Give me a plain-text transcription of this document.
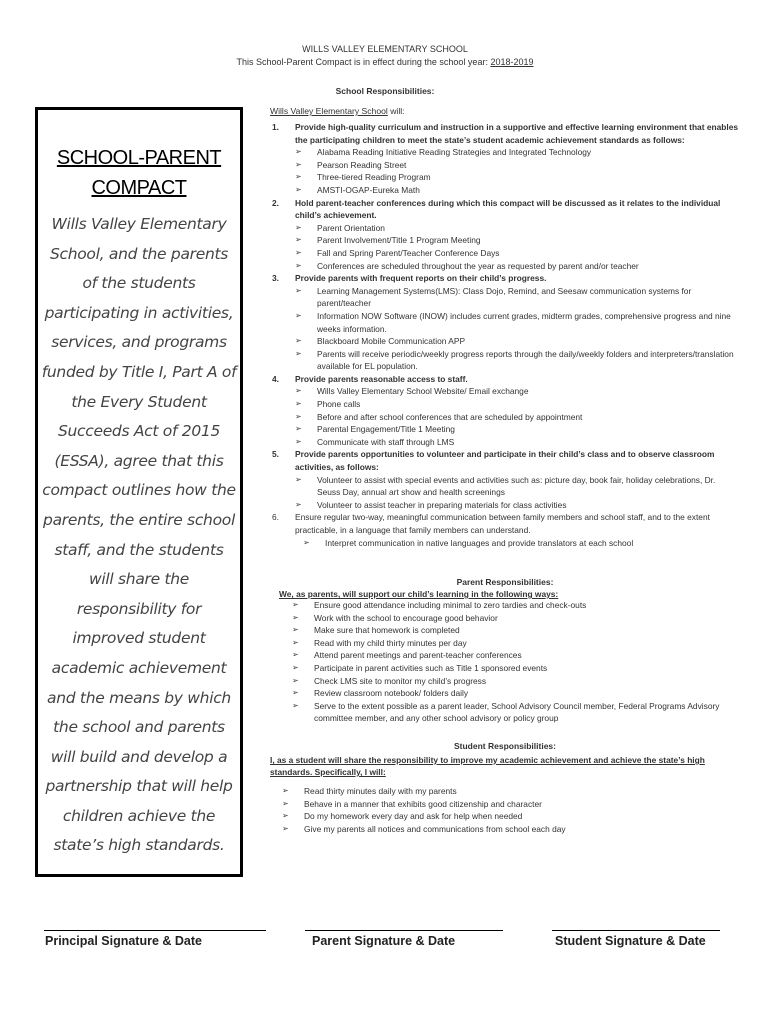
WILLS VALLEY ELEMENTARY SCHOOL
This School-Parent Compact is in effect during the school year: 2018-2019
School Responsibilities:
SCHOOL-PARENT
COMPACT
Wills Valley Elementary School, and the parents of the students participating in activities, services, and programs funded by Title I, Part A of the Every Student Succeeds Act of 2015 (ESSA), agree that this compact outlines how the parents, the entire school staff, and the students will share the responsibility for improved student academic achievement and the means by which the school and parents will build and develop a partnership that will help children achieve the state’s high standards.
Wills Valley Elementary School will:
1. Provide high-quality curriculum and instruction in a supportive and effective learning environment that enables the participating children to meet the state’s student academic achievement standards as follows:
➢ Alabama Reading Initiative Reading Strategies and Integrated Technology
➢ Pearson Reading Street
➢ Three-tiered Reading Program
➢ AMSTI-OGAP-Eureka Math
2. Hold parent-teacher conferences during which this compact will be discussed as it relates to the individual child’s achievement.
➢ Parent Orientation
➢ Parent Involvement/Title 1 Program Meeting
➢ Fall and Spring Parent/Teacher Conference Days
➢ Conferences are scheduled throughout the year as requested by parent and/or teacher
3. Provide parents with frequent reports on their child’s progress.
➢ Learning Management Systems(LMS): Class Dojo, Remind, and Seesaw communication systems for parent/teacher
➢ Information NOW Software (INOW) includes current grades, midterm grades, comprehensive progress and nine weeks information.
➢ Blackboard Mobile Communication APP
➢ Parents will receive periodic/weekly progress reports through the daily/weekly folders and interpreters/translation available for EL population.
4. Provide parents reasonable access to staff.
➢ Wills Valley Elementary School Website/ Email exchange
➢ Phone calls
➢ Before and after school conferences that are scheduled by appointment
➢ Parental Engagement/Title 1 Meeting
➢ Communicate with staff through LMS
5. Provide parents opportunities to volunteer and participate in their child’s class and to observe classroom activities, as follows:
➢ Volunteer to assist with special events and activities such as: picture day, book fair, holiday celebrations, Dr. Seuss Day, annual art show and health screenings
➢ Volunteer to assist teacher in preparing materials for class activities
6. Ensure regular two-way, meaningful communication between family members and school staff, and to the extent practicable, in a language that family members can understand.
➢ Interpret communication in native languages and provide translators at each school
Parent Responsibilities:
We, as parents, will support our child’s learning in the following ways:
➢ Ensure good attendance including minimal to zero tardies and check-outs
➢ Work with the school to encourage good behavior
➢ Make sure that homework is completed
➢ Read with my child thirty minutes per day
➢ Attend parent meetings and parent-teacher conferences
➢ Participate in parent activities such as Title 1 sponsored events
➢ Check LMS site to monitor my child’s progress
➢ Review classroom notebook/ folders daily
➢ Serve to the extent possible as a parent leader, School Advisory Council member, Federal Programs Advisory committee member, and any other school advisory or policy group
Student Responsibilities:
I, as a student will share the responsibility to improve my academic achievement and achieve the state’s high standards. Specifically, I will:
➢ Read thirty minutes daily with my parents
➢ Behave in a manner that exhibits good citizenship and character
➢ Do my homework every day and ask for help when needed
➢ Give my parents all notices and communications from school each day
Principal Signature & Date	Parent Signature & Date	Student Signature & Date
